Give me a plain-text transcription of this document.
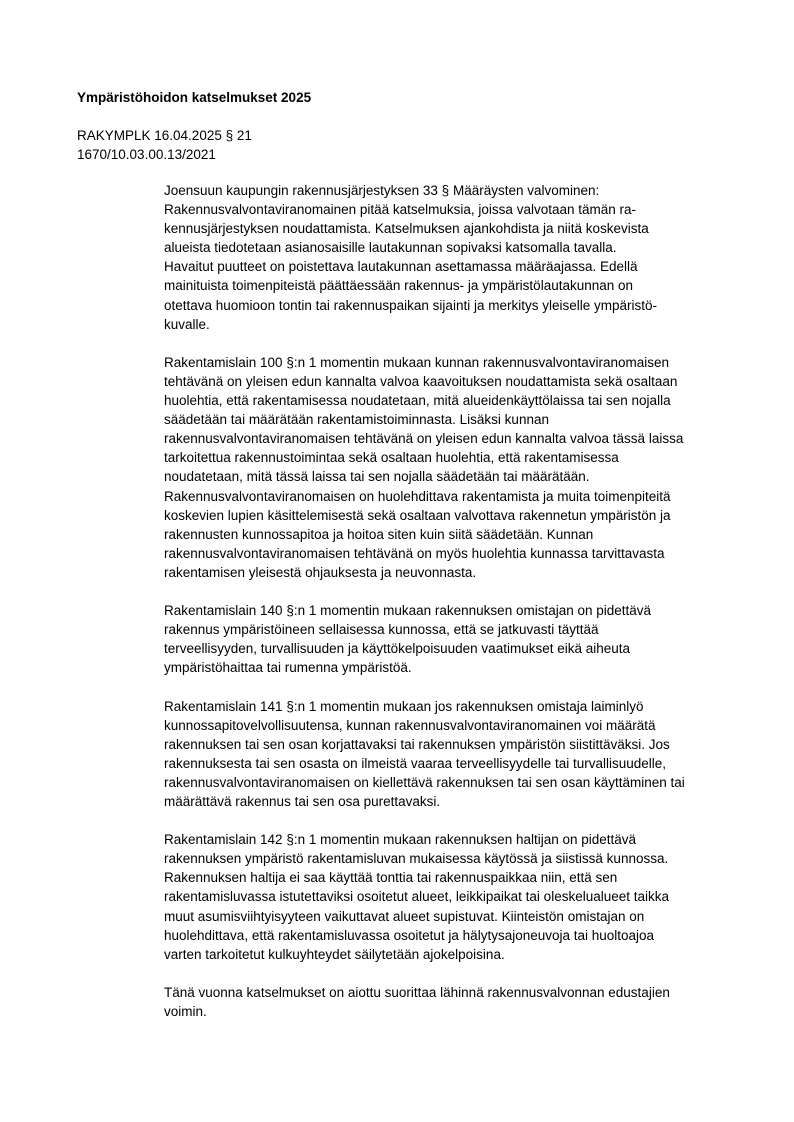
Ympäristöhoidon katselmukset 2025
RAKYMPLK 16.04.2025 § 21
1670/10.03.00.13/2021

Joensuun kaupungin rakennusjärjestyksen 33 § Määräysten valvominen:
Rakennusvalvontaviranomainen pitää katselmuksia, joissa valvotaan tämän ra-
kennusjärjestyksen noudattamista. Katselmuksen ajankohdista ja niitä koskevista
alueista tiedotetaan asianosaisille lautakunnan sopivaksi katsomalla tavalla.
Havaitut puutteet on poistettava lautakunnan asettamassa määräajassa. Edellä
mainituista toimenpiteistä päättäessään rakennus- ja ympäristölautakunnan on
otettava huomioon tontin tai rakennuspaikan sijainti ja merkitys yleiselle ympäristö-
kuvalle.

Rakentamislain 100 §:n 1 momentin mukaan kunnan rakennusvalvontaviranomaisen
tehtävänä on yleisen edun kannalta valvoa kaavoituksen noudattamista sekä osaltaan
huolehtia, että rakentamisessa noudatetaan, mitä alueidenkäyttölaissa tai sen nojalla
säädetään tai määrätään rakentamistoiminnasta. Lisäksi kunnan
rakennusvalvontaviranomaisen tehtävänä on yleisen edun kannalta valvoa tässä laissa
tarkoitettua rakennustoimintaa sekä osaltaan huolehtia, että rakentamisessa
noudatetaan, mitä tässä laissa tai sen nojalla säädetään tai määrätään.
Rakennusvalvontaviranomaisen on huolehdittava rakentamista ja muita toimenpiteitä
koskevien lupien käsittelemisestä sekä osaltaan valvottava rakennetun ympäristön ja
rakennusten kunnossapitoa ja hoitoa siten kuin siitä säädetään. Kunnan
rakennusvalvontaviranomaisen tehtävänä on myös huolehtia kunnassa tarvittavasta
rakentamisen yleisestä ohjauksesta ja neuvonnasta.

Rakentamislain 140 §:n 1 momentin mukaan rakennuksen omistajan on pidettävä
rakennus ympäristöineen sellaisessa kunnossa, että se jatkuvasti täyttää
terveellisyyden, turvallisuuden ja käyttökelpoisuuden vaatimukset eikä aiheuta
ympäristöhaittaa tai rumenna ympäristöä.

Rakentamislain 141 §:n 1 momentin mukaan jos rakennuksen omistaja laiminlyö
kunnossapitovelvollisuutensa, kunnan rakennusvalvontaviranomainen voi määrätä
rakennuksen tai sen osan korjattavaksi tai rakennuksen ympäristön siistittäväksi. Jos
rakennuksesta tai sen osasta on ilmeistä vaaraa terveellisyydelle tai turvallisuudelle,
rakennusvalvontaviranomaisen on kiellettävä rakennuksen tai sen osan käyttäminen tai
määrättävä rakennus tai sen osa purettavaksi.

Rakentamislain 142 §:n 1 momentin mukaan rakennuksen haltijan on pidettävä
rakennuksen ympäristö rakentamisluvan mukaisessa käytössä ja siistissä kunnossa.
Rakennuksen haltija ei saa käyttää tonttia tai rakennuspaikkaa niin, että sen
rakentamisluvassa istutettaviksi osoitetut alueet, leikkipaikat tai oleskelualueet taikka
muut asumisviihtyisyyteen vaikuttavat alueet supistuvat. Kiinteistön omistajan on
huolehdittava, että rakentamisluvassa osoitetut ja hälytysajoneuvoja tai huoltoajoa
varten tarkoitetut kulkuyhteydet säilytetään ajokelpoisina.

Tänä vuonna katselmukset on aiottu suorittaa lähinnä rakennusvalvonnan edustajien
voimin.
